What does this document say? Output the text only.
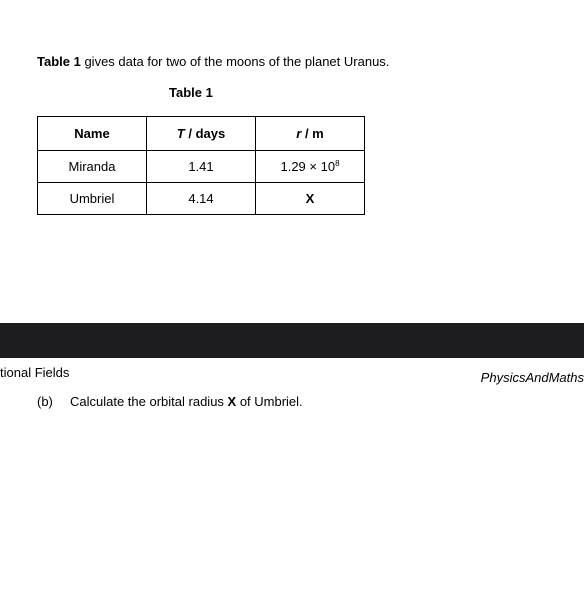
Table 1 gives data for two of the moons of the planet Uranus.
Table 1
Name	T / days	r / m
Miranda	1.41	$1.29 \times 10^8$
Umbriel	4.14	X
tional Fields	PhysicsAndMaths
(b) Calculate the orbital radius X of Umbriel.
